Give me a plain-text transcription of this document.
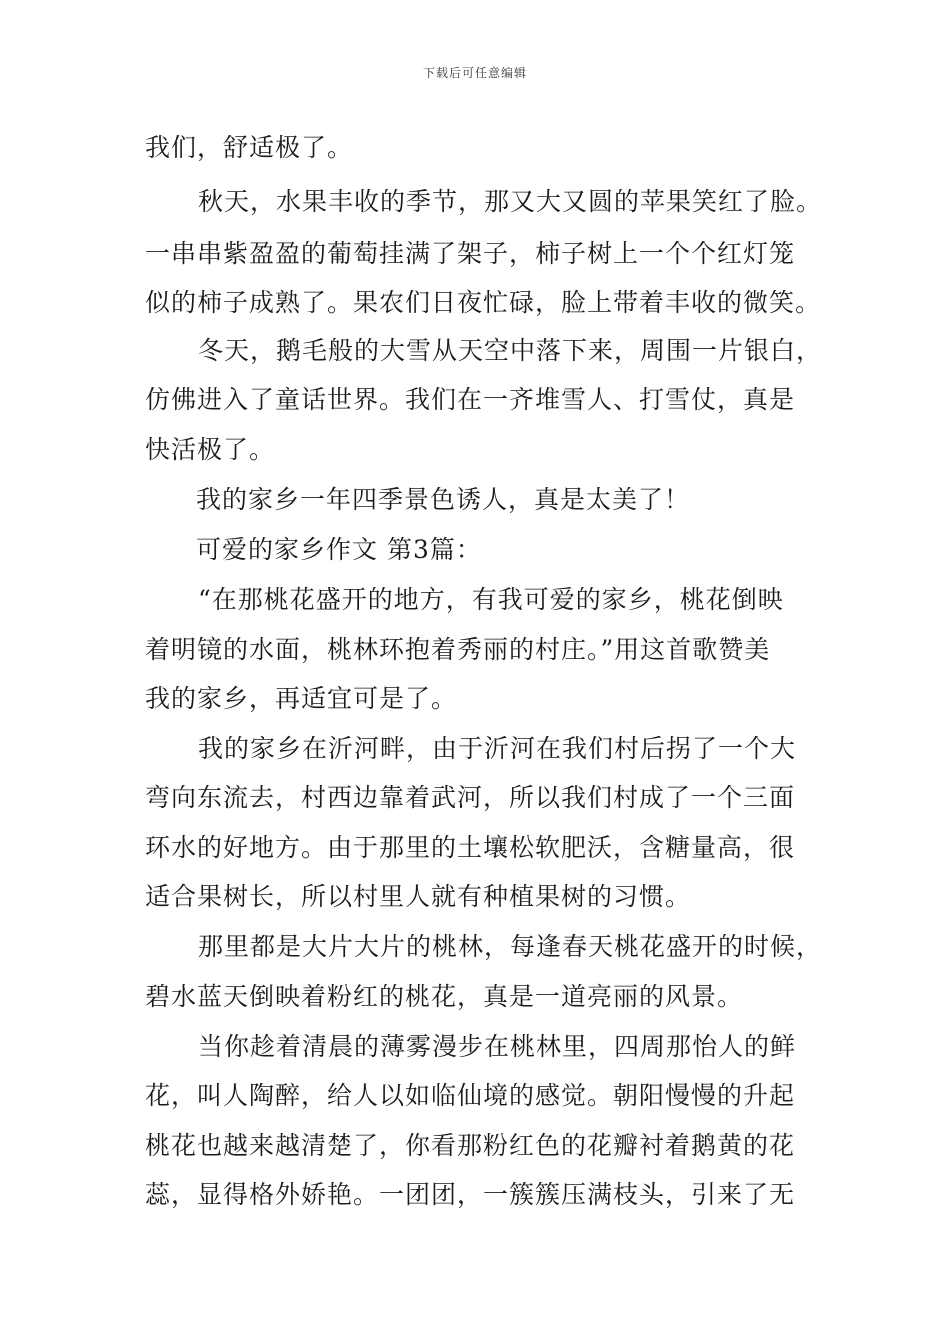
下载后可任意编辑
我们，舒适极了。
秋天，水果丰收的季节，那又大又圆的苹果笑红了脸。
一串串紫盈盈的葡萄挂满了架子，柿子树上一个个红灯笼
似的柿子成熟了。果农们日夜忙碌，脸上带着丰收的微笑。
冬天，鹅毛般的大雪从天空中落下来，周围一片银白，
仿佛进入了童话世界。我们在一齐堆雪人、打雪仗，真是
快活极了。
我的家乡一年四季景色诱人，真是太美了！
可爱的家乡作文 第3篇：
“在那桃花盛开的地方，有我可爱的家乡，桃花倒映
着明镜的水面，桃林环抱着秀丽的村庄。”用这首歌赞美
我的家乡，再适宜可是了。
我的家乡在沂河畔，由于沂河在我们村后拐了一个大
弯向东流去，村西边靠着武河，所以我们村成了一个三面
环水的好地方。由于那里的土壤松软肥沃，含糖量高，很
适合果树长，所以村里人就有种植果树的习惯。
那里都是大片大片的桃林，每逢春天桃花盛开的时候，
碧水蓝天倒映着粉红的桃花，真是一道亮丽的风景。
当你趁着清晨的薄雾漫步在桃林里，四周那怡人的鲜
花，叫人陶醉，给人以如临仙境的感觉。朝阳慢慢的升起
桃花也越来越清楚了，你看那粉红色的花瓣衬着鹅黄的花
蕊，显得格外娇艳。一团团，一簇簇压满枝头，引来了无
